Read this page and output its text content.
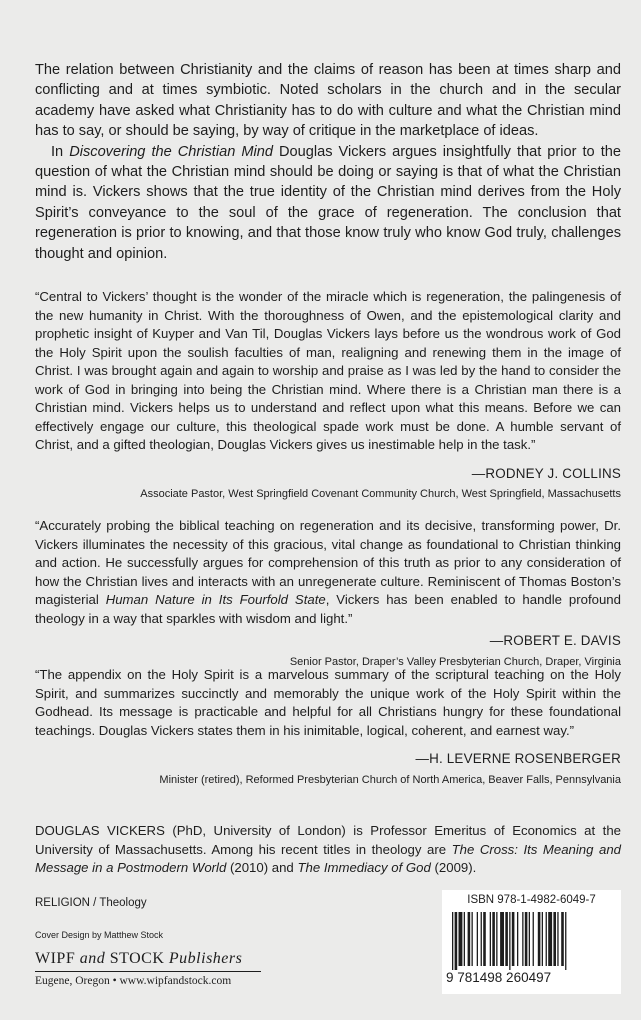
The relation between Christianity and the claims of reason has been at times sharp and conflicting and at times symbiotic. Noted scholars in the church and in the secular academy have asked what Christianity has to do with culture and what the Christian mind has to say, or should be saying, by way of critique in the marketplace of ideas.

In Discovering the Christian Mind Douglas Vickers argues insightfully that prior to the question of what the Christian mind should be doing or saying is that of what the Christian mind is. Vickers shows that the true identity of the Christian mind derives from the Holy Spirit’s conveyance to the soul of the grace of regeneration. The conclusion that regeneration is prior to knowing, and that those know truly who know God truly, challenges thought and opinion.

“Central to Vickers’ thought is the wonder of the miracle which is regeneration, the palingenesis of the new humanity in Christ. With the thoroughness of Owen, and the epistemological clarity and prophetic insight of Kuyper and Van Til, Douglas Vickers lays before us the wondrous work of God the Holy Spirit upon the soulish faculties of man, realigning and renewing them in the image of Christ. I was brought again and again to worship and praise as I was led by the hand to consider the work of God in bringing into being the Christian mind. Where there is a Christian man there is a Christian mind. Vickers helps us to understand and reflect upon what this means. Before we can effectively engage our culture, this theological spade work must be done. A humble servant of Christ, and a gifted theologian, Douglas Vickers gives us inestimable help in the task.”

—RODNEY J. COLLINS
Associate Pastor, West Springfield Covenant Community Church, West Springfield, Massachusetts

“Accurately probing the biblical teaching on regeneration and its decisive, transforming power, Dr. Vickers illuminates the necessity of this gracious, vital change as foundational to Christian thinking and action. He successfully argues for comprehension of this truth as prior to any consideration of how the Christian lives and interacts with an unregenerate culture. Reminiscent of Thomas Boston’s magisterial Human Nature in Its Fourfold State, Vickers has been enabled to handle profound theology in a way that sparkles with wisdom and light.”

—ROBERT E. DAVIS
Senior Pastor, Draper’s Valley Presbyterian Church, Draper, Virginia

“The appendix on the Holy Spirit is a marvelous summary of the scriptural teaching on the Holy Spirit, and summarizes succinctly and memorably the unique work of the Holy Spirit within the Godhead. Its message is practicable and helpful for all Christians hungry for these foundational teachings. Douglas Vickers states them in his inimitable, logical, coherent, and earnest way.”

—H. LEVERNE ROSENBERGER
Minister (retired), Reformed Presbyterian Church of North America, Beaver Falls, Pennsylvania

DOUGLAS VICKERS (PhD, University of London) is Professor Emeritus of Economics at the University of Massachusetts. Among his recent titles in theology are The Cross: Its Meaning and Message in a Postmodern World (2010) and The Immediacy of God (2009).

RELIGION / Theology
Cover Design by Matthew Stock
WIPF and STOCK Publishers
Eugene, Oregon • www.wipfandstock.com
ISBN 978-1-4982-6049-7
9 781498 260497
